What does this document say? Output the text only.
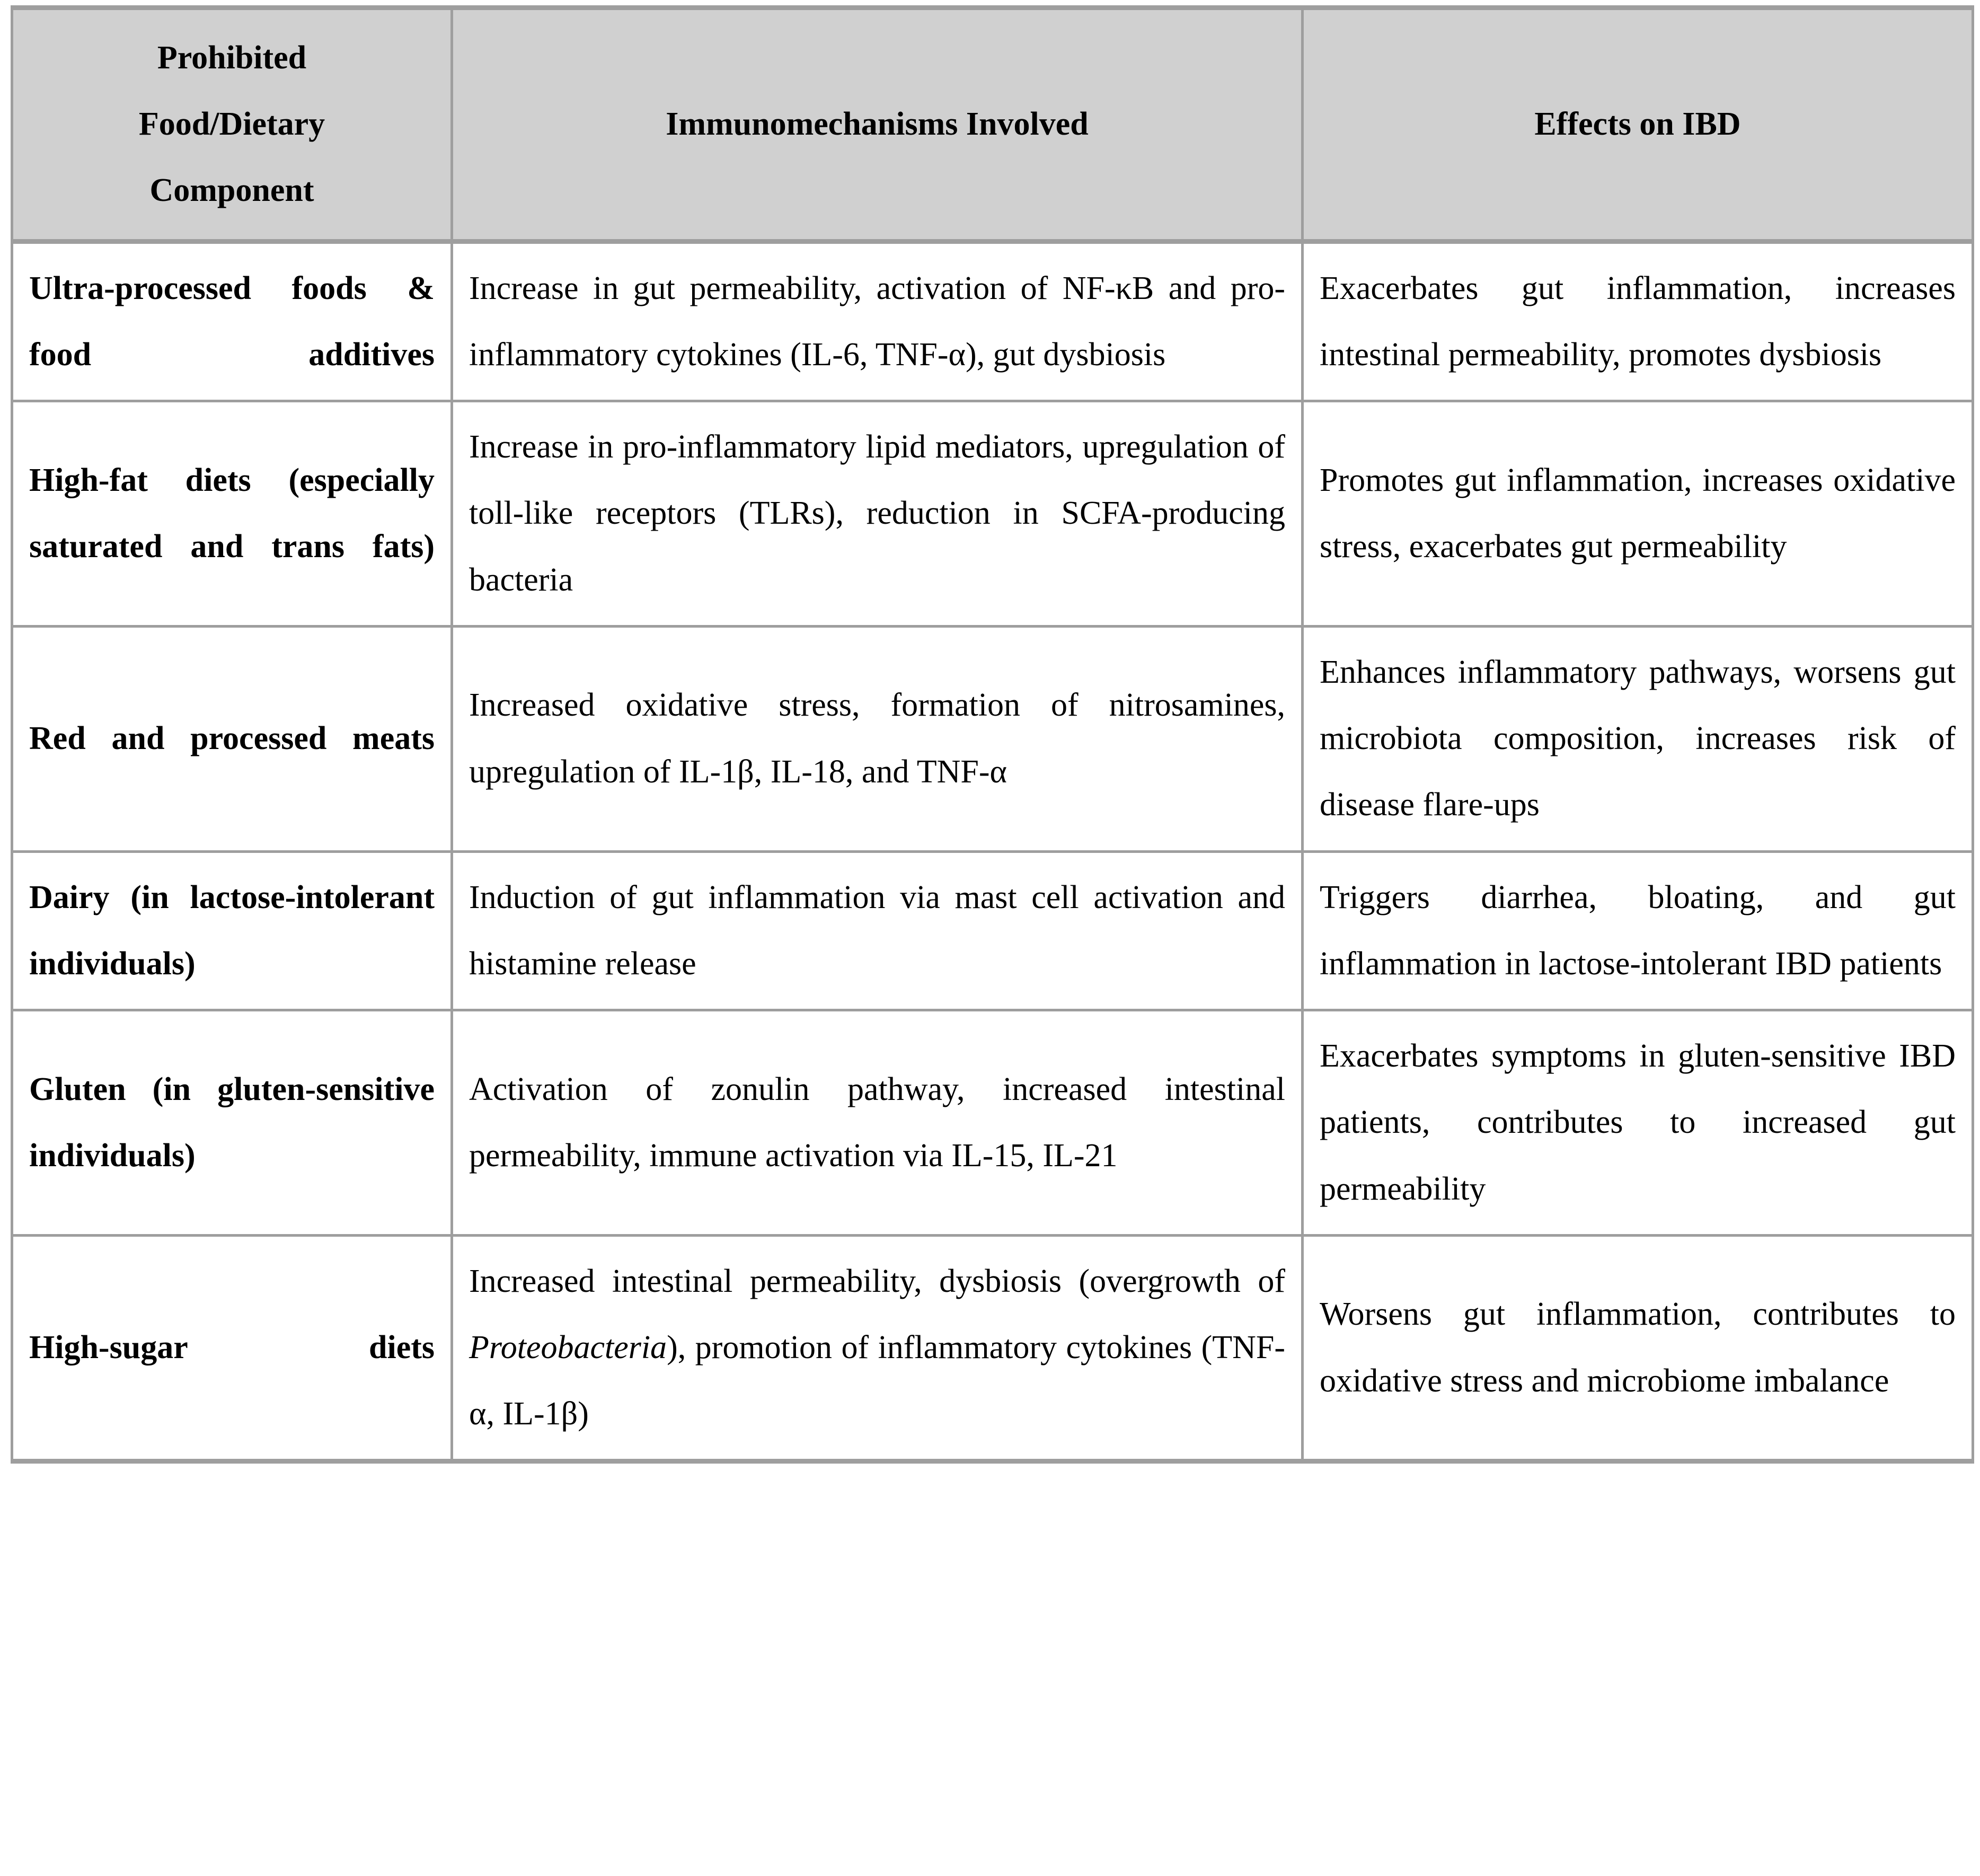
Prohibited
Food/Dietary
Component	Immunomechanisms Involved	Effects on IBD

Ultra-processed foods & food additives	Increase in gut permeability, activation of NF-κB and pro-inflammatory cytokines (IL-6, TNF-α), gut dysbiosis	Exacerbates gut inflammation, increases intestinal permeability, promotes dysbiosis
High-fat diets (especially saturated and trans fats)	Increase in pro-inflammatory lipid mediators, upregulation of toll-like receptors (TLRs), reduction in SCFA-producing bacteria	Promotes gut inflammation, increases oxidative stress, exacerbates gut permeability
Red and processed meats	Increased oxidative stress, formation of nitrosamines, upregulation of IL-1β, IL-18, and TNF-α	Enhances inflammatory pathways, worsens gut microbiota composition, increases risk of disease flare-ups
Dairy (in lactose-intolerant individuals)	Induction of gut inflammation via mast cell activation and histamine release	Triggers diarrhea, bloating, and gut inflammation in lactose-intolerant IBD patients
Gluten (in gluten-sensitive individuals)	Activation of zonulin pathway, increased intestinal permeability, immune activation via IL-15, IL-21	Exacerbates symptoms in gluten-sensitive IBD patients, contributes to increased gut permeability
High-sugar diets	Increased intestinal permeability, dysbiosis (overgrowth of Proteobacteria), promotion of inflammatory cytokines (TNF-α, IL-1β)	Worsens gut inflammation, contributes to oxidative stress and microbiome imbalance
